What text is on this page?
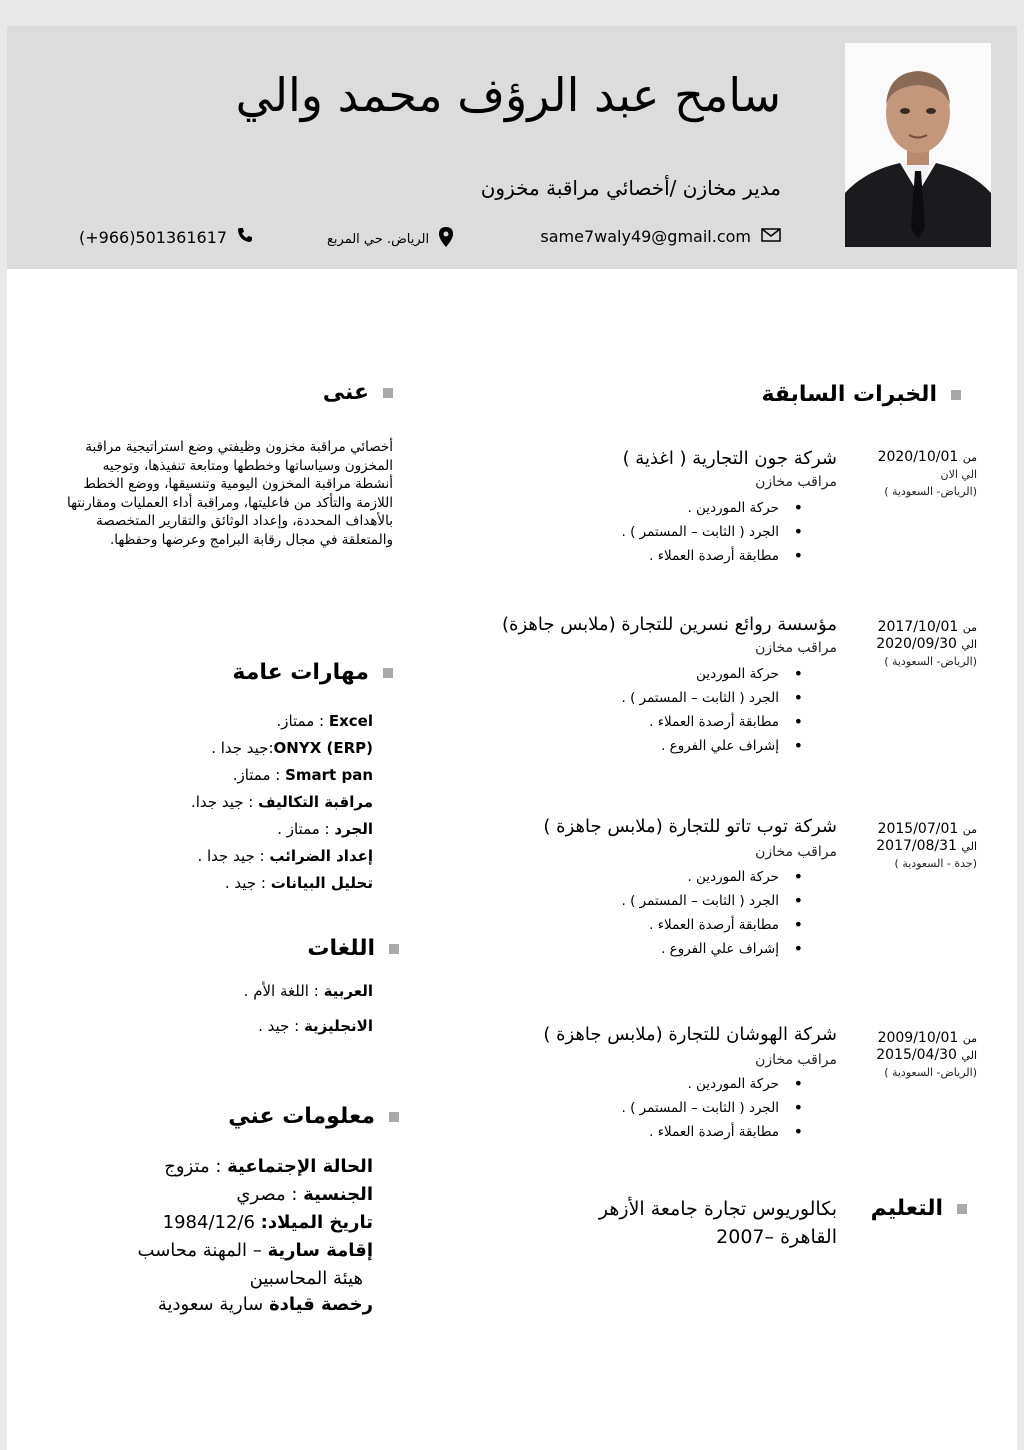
سامح عبد الرؤف محمد والي
مدير مخازن /أخصائي مراقبة مخزون
same7waly49@gmail.com
الرياض. حي المربع
(+966)501361617
عنى
أخصائي مراقبة مخزون وظيفتي وضع استراتيجية مراقبة المخزون وسياساتها وخططها ومتابعة تنفيذها، وتوجيه أنشطة مراقبة المخزون اليومية وتنسيقها، ووضع الخطط اللازمة والتأكد من فاعليتها، ومراقبة أداء العمليات ومقارنتها بالأهداف المحددة، وإعداد الوثائق والتقارير المتخصصة والمتعلقة في مجال رقابة البرامج وعرضها وحفظها.
مهارات عامة
Excel : ممتاز.
ONYX (ERP):جيد جدا .
Smart pan : ممتاز.
مراقبة التكاليف : جيد جدا.
الجرد : ممتاز .
إعداد الضرائب : جيد جدا .
تحليل البيانات : جيد .
اللغات
العربية : اللغة الأم .
الانجليزية : جيد .
معلومات عني
الحالة الإجتماعية : متزوج
الجنسية : مصري
تاريخ الميلاد: 1984/12/6
إقامة سارية – المهنة محاسب
هيئة المحاسبين
رخصة قيادة سارية سعودية
الخبرات السابقة
من 2020/10/01
الي الان
(الرياض- السعودية )
شركة جون التجارية ( اغذية )
مراقب مخازن
• حركة الموردين .
• الجرد ( الثابت – المستمر ) .
• مطابقة أرصدة العملاء .
من 2017/10/01
الي 2020/09/30
(الرياض- السعودية )
مؤسسة روائع نسرين للتجارة (ملابس جاهزة)
مراقب مخازن
• حركة الموردين
• الجرد ( الثابت – المستمر ) .
• مطابقة أرصدة العملاء .
• إشراف علي الفروع .
من 2015/07/01
الي 2017/08/31
(جدة - السعودية )
شركة توب تاتو للتجارة (ملابس جاهزة )
مراقب مخازن
• حركة الموردين .
• الجرد ( الثابت – المستمر ) .
• مطابقة أرصدة العملاء .
• إشراف علي الفروع .
من 2009/10/01
الي 2015/04/30
(الرياض- السعودية )
شركة الهوشان للتجارة (ملابس جاهزة )
مراقب مخازن
• حركة الموردين .
• الجرد ( الثابت – المستمر ) .
• مطابقة أرصدة العملاء .
التعليم
بكالوريوس تجارة جامعة الأزهر
القاهرة –2007
